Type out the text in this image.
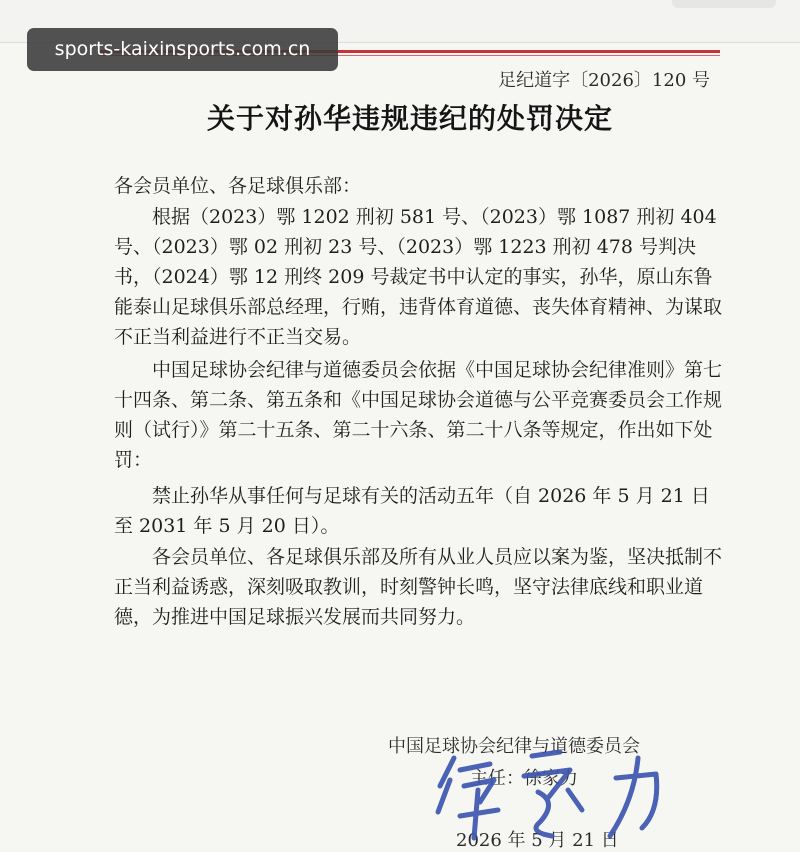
sports-kaixinsports.com.cn
足纪道字〔2026〕120 号
关于对孙华违规违纪的处罚决定
各会员单位、各足球俱乐部：

根据（2023）鄂 1202 刑初 581 号、（2023）鄂 1087 刑初 404 号、（2023）鄂 02 刑初 23 号、（2023）鄂 1223 刑初 478 号判决书，（2024）鄂 12 刑终 209 号裁定书中认定的事实，孙华，原山东鲁能泰山足球俱乐部总经理，行贿，违背体育道德、丧失体育精神、为谋取不正当利益进行不正当交易。

中国足球协会纪律与道德委员会依据《中国足球协会纪律准则》第七十四条、第二条、第五条和《中国足球协会道德与公平竞赛委员会工作规则（试行）》第二十五条、第二十六条、第二十八条等规定，作出如下处罚：

禁止孙华从事任何与足球有关的活动五年（自 2026 年 5 月 21 日至 2031 年 5 月 20 日）。

各会员单位、各足球俱乐部及所有从业人员应以案为鉴，坚决抵制不正当利益诱惑，深刻吸取教训，时刻警钟长鸣，坚守法律底线和职业道德，为推进中国足球振兴发展而共同努力。

中国足球协会纪律与道德委员会
主任：徐家力
2026 年 5 月 21 日
